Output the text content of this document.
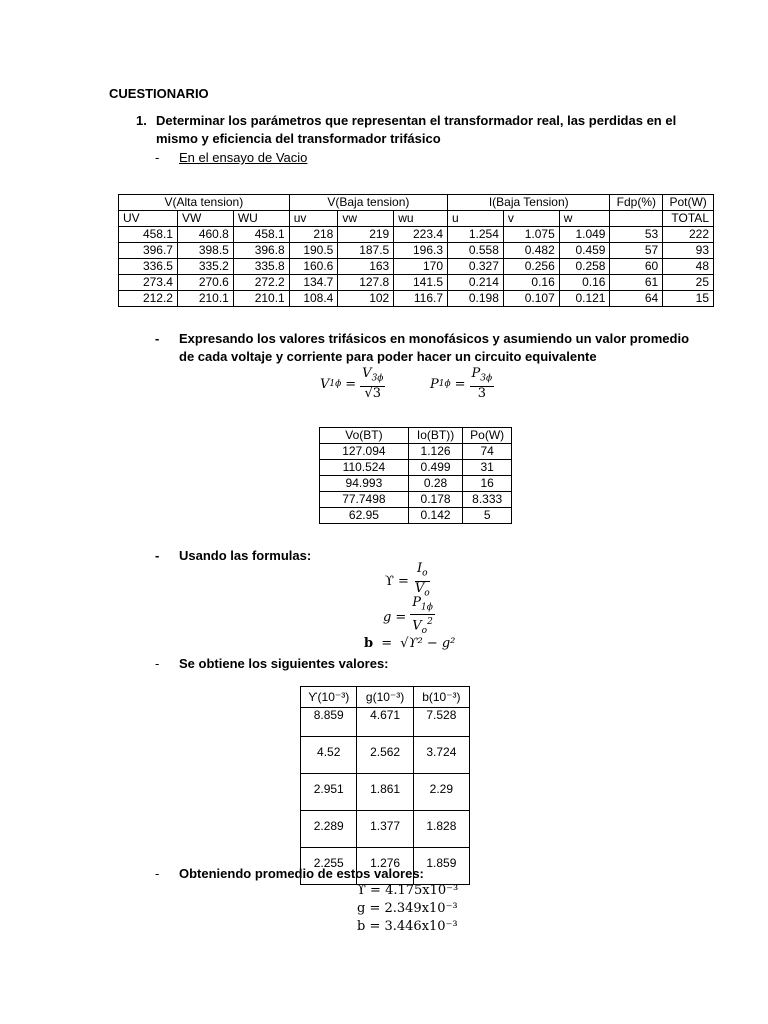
CUESTIONARIO
1. Determinar los parámetros que representan el transformador real, las perdidas en el
mismo y eficiencia del transformador trifásico
- En el ensayo de Vacio
V(Alta tension)			V(Baja tension)			I(Baja Tension)			Fdp(%)	Pot(W)
UV	VW	WU	uv	vw	wu	u	v	w		TOTAL
458.1	460.8	458.1	218	219	223.4	1.254	1.075	1.049	53	222
396.7	398.5	396.8	190.5	187.5	196.3	0.558	0.482	0.459	57	93
336.5	335.2	335.8	160.6	163	170	0.327	0.256	0.258	60	48
273.4	270.6	272.2	134.7	127.8	141.5	0.214	0.16	0.16	61	25
212.2	210.1	210.1	108.4	102	116.7	0.198	0.107	0.121	64	15
- Expresando los valores trifásicos en monofásicos y asumiendo un valor promedio
de cada voltaje y corriente para poder hacer un circuito equivalente
V $1\phi = \frac{V_{3\phi}}{√3}$	P $1\phi = \frac{P_{3\phi}}{3}$
Vo(BT)	Io(BT))	Po(W)
127.094	1.126	74
110.524	0.499	31
94.993	0.28	16
77.7498	0.178	8.333
62.95	0.142	5
- Usando las formulas:
$ϒ = \frac{I_o}{V_o}$
$g = \frac{P_{1\phi}}{V_o^2}$
b = √ϒ² − g²
- Se obtiene los siguientes valores:
ϒ(10⁻³)	g(10⁻³)	b(10⁻³)
8.859	4.671	7.528
4.52	2.562	3.724
2.951	1.861	2.29
2.289	1.377	1.828
2.255	1.276	1.859
- Obteniendo promedio de estos valores:
ϒ = 4.175x10⁻³
g = 2.349x10⁻³
b = 3.446x10⁻³
